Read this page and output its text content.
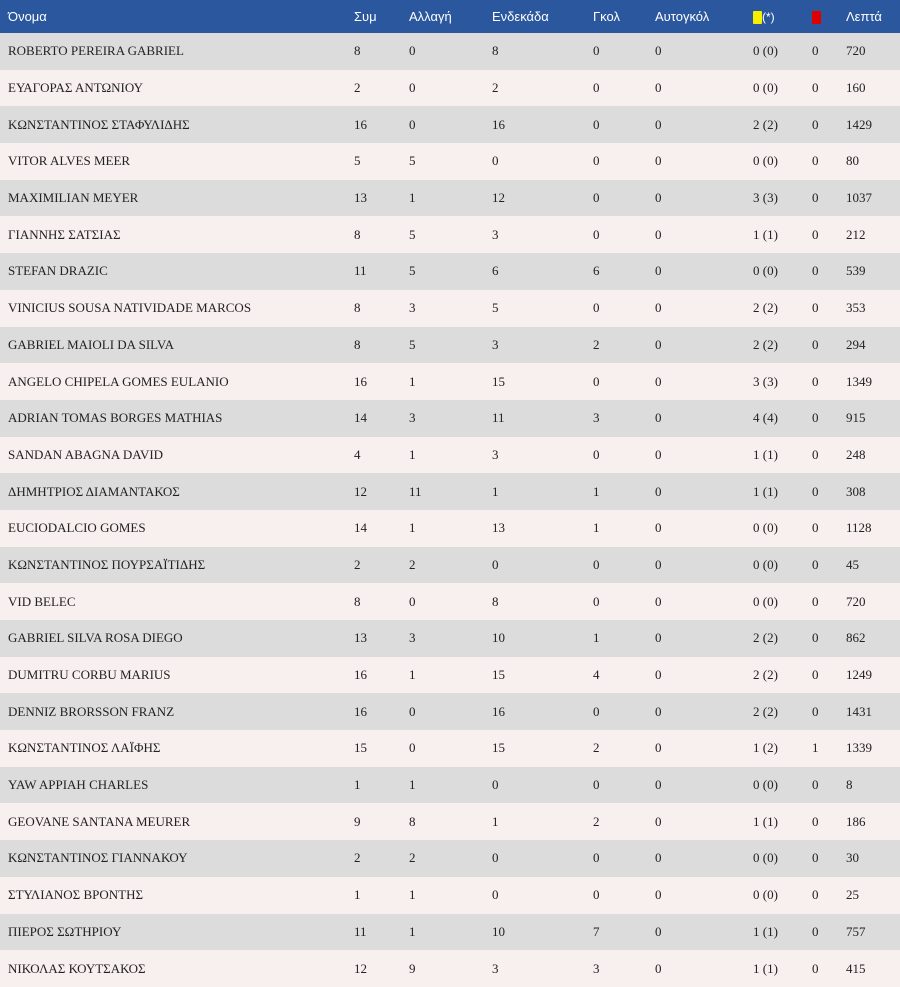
Όνομα	Συμ	Αλλαγή	Ενδεκάδα	Γκολ	Αυτογκόλ	(*)		Λεπτά
ROBERTO PEREIRA GABRIEL	8	0	8	0	0	0 (0)	0	720
ΕΥΑΓΟΡΑΣ ΑΝΤΩΝΙΟΥ	2	0	2	0	0	0 (0)	0	160
ΚΩΝΣΤΑΝΤΙΝΟΣ ΣΤΑΦΥΛΙΔΗΣ	16	0	16	0	0	2 (2)	0	1429
VITOR ALVES MEER	5	5	0	0	0	0 (0)	0	80
MAXIMILIAN MEYER	13	1	12	0	0	3 (3)	0	1037
ΓΙΑΝΝΗΣ ΣΑΤΣΙΑΣ	8	5	3	0	0	1 (1)	0	212
STEFAN DRAZIC	11	5	6	6	0	0 (0)	0	539
VINICIUS SOUSA NATIVIDADE MARCOS	8	3	5	0	0	2 (2)	0	353
GABRIEL MAIOLI DA SILVA	8	5	3	2	0	2 (2)	0	294
ANGELO CHIPELA GOMES EULANIO	16	1	15	0	0	3 (3)	0	1349
ADRIAN TOMAS BORGES MATHIAS	14	3	11	3	0	4 (4)	0	915
SANDAN ABAGNA DAVID	4	1	3	0	0	1 (1)	0	248
ΔΗΜΗΤΡΙΟΣ ΔΙΑΜΑΝΤΑΚΟΣ	12	11	1	1	0	1 (1)	0	308
EUCIODALCIO GOMES	14	1	13	1	0	0 (0)	0	1128
ΚΩΝΣΤΑΝΤΙΝΟΣ ΠΟΥΡΣΑΪΤΙΔΗΣ	2	2	0	0	0	0 (0)	0	45
VID BELEC	8	0	8	0	0	0 (0)	0	720
GABRIEL SILVA ROSA DIEGO	13	3	10	1	0	2 (2)	0	862
DUMITRU CORBU MARIUS	16	1	15	4	0	2 (2)	0	1249
DENNIZ BRORSSON FRANZ	16	0	16	0	0	2 (2)	0	1431
ΚΩΝΣΤΑΝΤΙΝΟΣ ΛΑΪΦΗΣ	15	0	15	2	0	1 (2)	1	1339
YAW APPIAH CHARLES	1	1	0	0	0	0 (0)	0	8
GEOVANE SANTANA MEURER	9	8	1	2	0	1 (1)	0	186
ΚΩΝΣΤΑΝΤΙΝΟΣ ΓΙΑΝΝΑΚΟΥ	2	2	0	0	0	0 (0)	0	30
ΣΤΥΛΙΑΝΟΣ ΒΡΟΝΤΗΣ	1	1	0	0	0	0 (0)	0	25
ΠΙΕΡΟΣ ΣΩΤΗΡΙΟΥ	11	1	10	7	0	1 (1)	0	757
ΝΙΚΟΛΑΣ ΚΟΥΤΣΑΚΟΣ	12	9	3	3	0	1 (1)	0	415
